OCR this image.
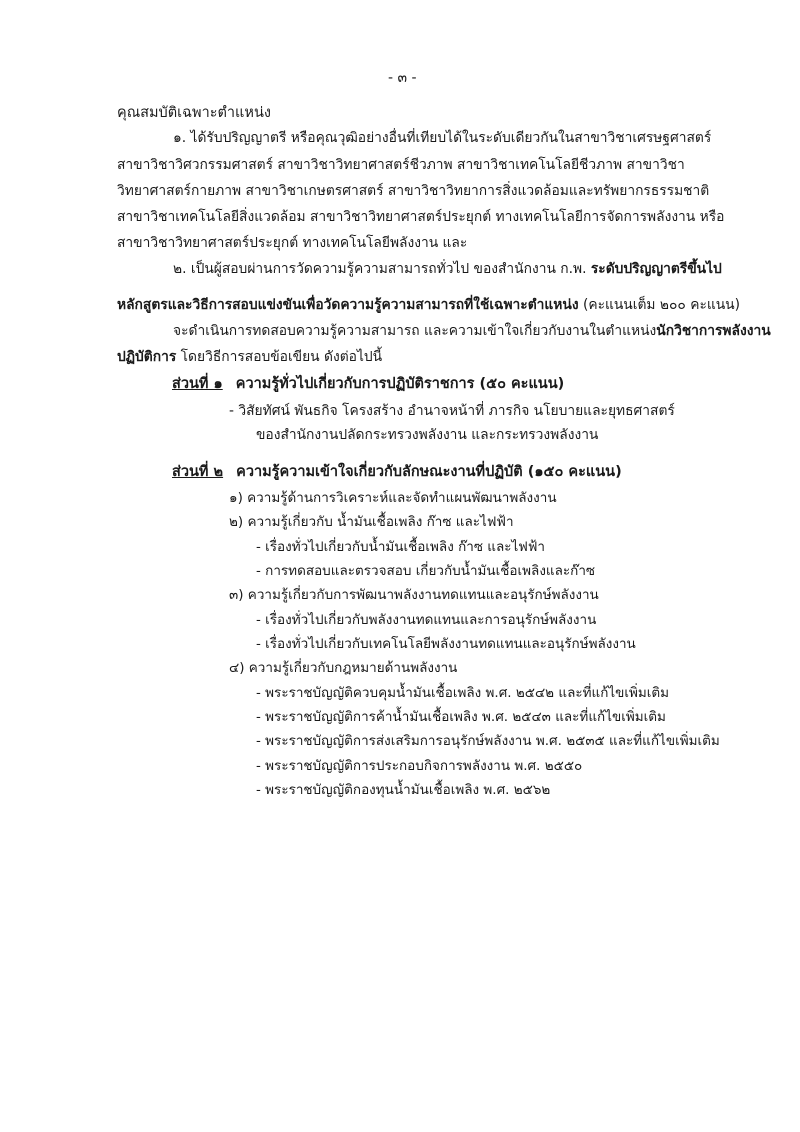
- ๓ -
คุณสมบัติเฉพาะตำแหน่ง
๑. ได้รับปริญญาตรี หรือคุณวุฒิอย่างอื่นที่เทียบได้ในระดับเดียวกันในสาขาวิชาเศรษฐศาสตร์
สาขาวิชาวิศวกรรมศาสตร์ สาขาวิชาวิทยาศาสตร์ชีวภาพ สาขาวิชาเทคโนโลยีชีวภาพ สาขาวิชา
วิทยาศาสตร์กายภาพ สาขาวิชาเกษตรศาสตร์ สาขาวิชาวิทยาการสิ่งแวดล้อมและทรัพยากรธรรมชาติ
สาขาวิชาเทคโนโลยีสิ่งแวดล้อม สาขาวิชาวิทยาศาสตร์ประยุกต์ ทางเทคโนโลยีการจัดการพลังงาน หรือ
สาขาวิชาวิทยาศาสตร์ประยุกต์ ทางเทคโนโลยีพลังงาน และ
๒. เป็นผู้สอบผ่านการวัดความรู้ความสามารถทั่วไป ของสำนักงาน ก.พ. ระดับปริญญาตรีขึ้นไป
หลักสูตรและวิธีการสอบแข่งขันเพื่อวัดความรู้ความสามารถที่ใช้เฉพาะตำแหน่ง (คะแนนเต็ม ๒๐๐ คะแนน)
จะดำเนินการทดสอบความรู้ความสามารถ และความเข้าใจเกี่ยวกับงานในตำแหน่งนักวิชาการพลังงาน
ปฏิบัติการ โดยวิธีการสอบข้อเขียน ดังต่อไปนี้
ส่วนที่ ๑ ความรู้ทั่วไปเกี่ยวกับการปฏิบัติราชการ (๕๐ คะแนน)
- วิสัยทัศน์ พันธกิจ โครงสร้าง อำนาจหน้าที่ ภารกิจ นโยบายและยุทธศาสตร์
ของสำนักงานปลัดกระทรวงพลังงาน และกระทรวงพลังงาน
ส่วนที่ ๒ ความรู้ความเข้าใจเกี่ยวกับลักษณะงานที่ปฏิบัติ (๑๕๐ คะแนน)
๑) ความรู้ด้านการวิเคราะห์และจัดทำแผนพัฒนาพลังงาน
๒) ความรู้เกี่ยวกับ น้ำมันเชื้อเพลิง ก๊าซ และไฟฟ้า
- เรื่องทั่วไปเกี่ยวกับน้ำมันเชื้อเพลิง ก๊าซ และไฟฟ้า
- การทดสอบและตรวจสอบ เกี่ยวกับน้ำมันเชื้อเพลิงและก๊าซ
๓) ความรู้เกี่ยวกับการพัฒนาพลังงานทดแทนและอนุรักษ์พลังงาน
- เรื่องทั่วไปเกี่ยวกับพลังงานทดแทนและการอนุรักษ์พลังงาน
- เรื่องทั่วไปเกี่ยวกับเทคโนโลยีพลังงานทดแทนและอนุรักษ์พลังงาน
๔) ความรู้เกี่ยวกับกฎหมายด้านพลังงาน
- พระราชบัญญัติควบคุมน้ำมันเชื้อเพลิง พ.ศ. ๒๕๔๒ และที่แก้ไขเพิ่มเติม
- พระราชบัญญัติการค้าน้ำมันเชื้อเพลิง พ.ศ. ๒๕๔๓ และที่แก้ไขเพิ่มเติม
- พระราชบัญญัติการส่งเสริมการอนุรักษ์พลังงาน พ.ศ. ๒๕๓๕ และที่แก้ไขเพิ่มเติม
- พระราชบัญญัติการประกอบกิจการพลังงาน พ.ศ. ๒๕๕๐
- พระราชบัญญัติกองทุนน้ำมันเชื้อเพลิง พ.ศ. ๒๕๖๒
